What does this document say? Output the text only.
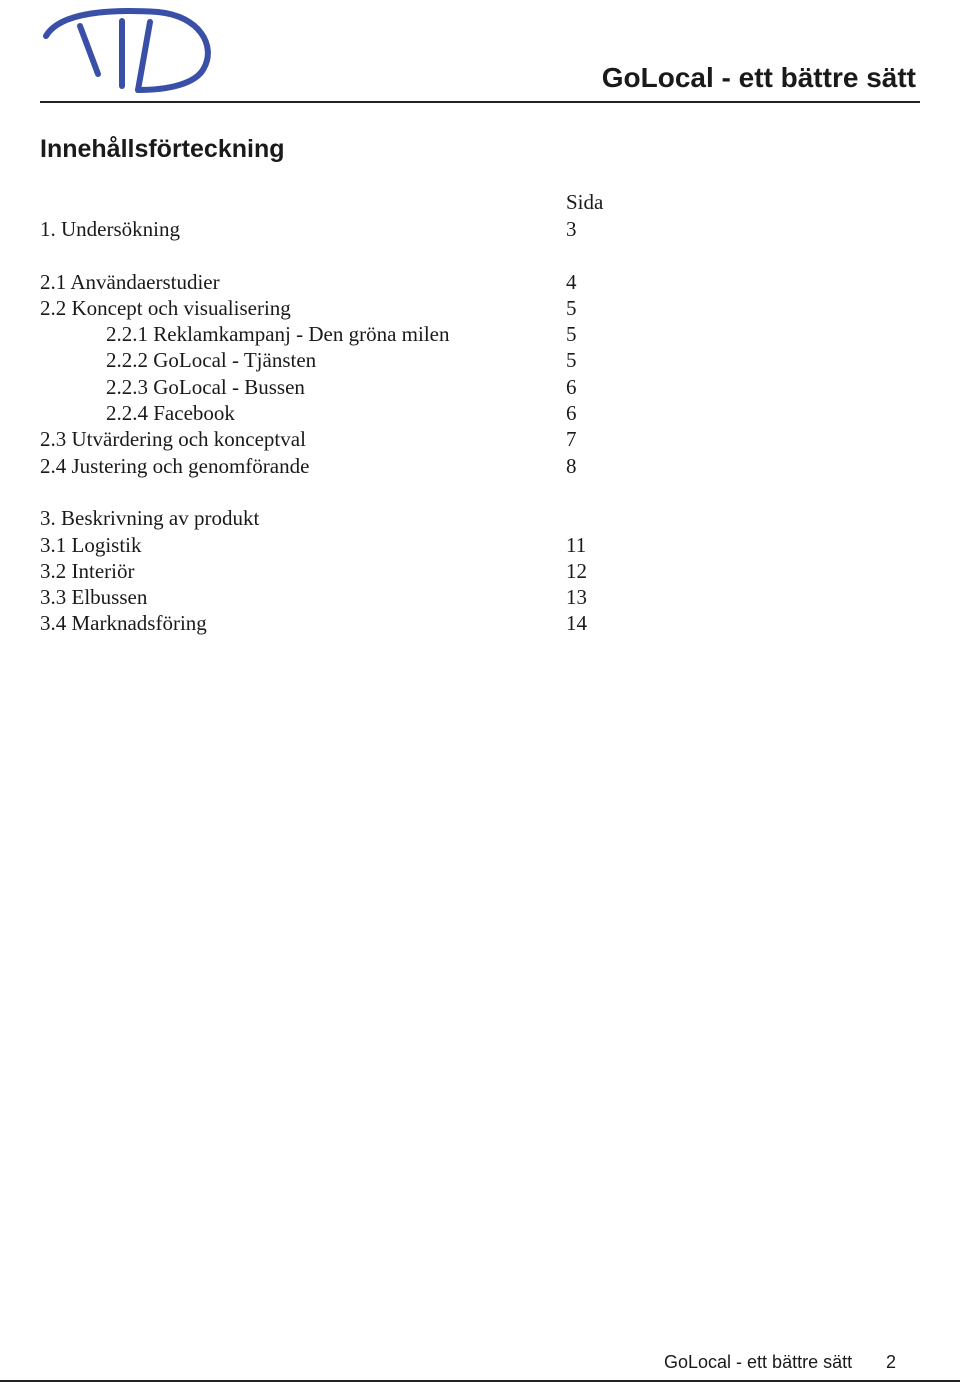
GoLocal - ett bättre sätt
Innehållsförteckning
Sida
1. Undersökning	3
2.1 Användaerstudier	4
2.2 Koncept och visualisering	5
2.2.1 Reklamkampanj - Den gröna milen	5
2.2.2 GoLocal - Tjänsten	5
2.2.3 GoLocal - Bussen	6
2.2.4 Facebook	6
2.3 Utvärdering och konceptval	7
2.4 Justering och genomförande	8
3. Beskrivning av produkt
3.1 Logistik	11
3.2 Interiör	12
3.3 Elbussen	13
3.4 Marknadsföring	14
GoLocal - ett bättre sätt 2
